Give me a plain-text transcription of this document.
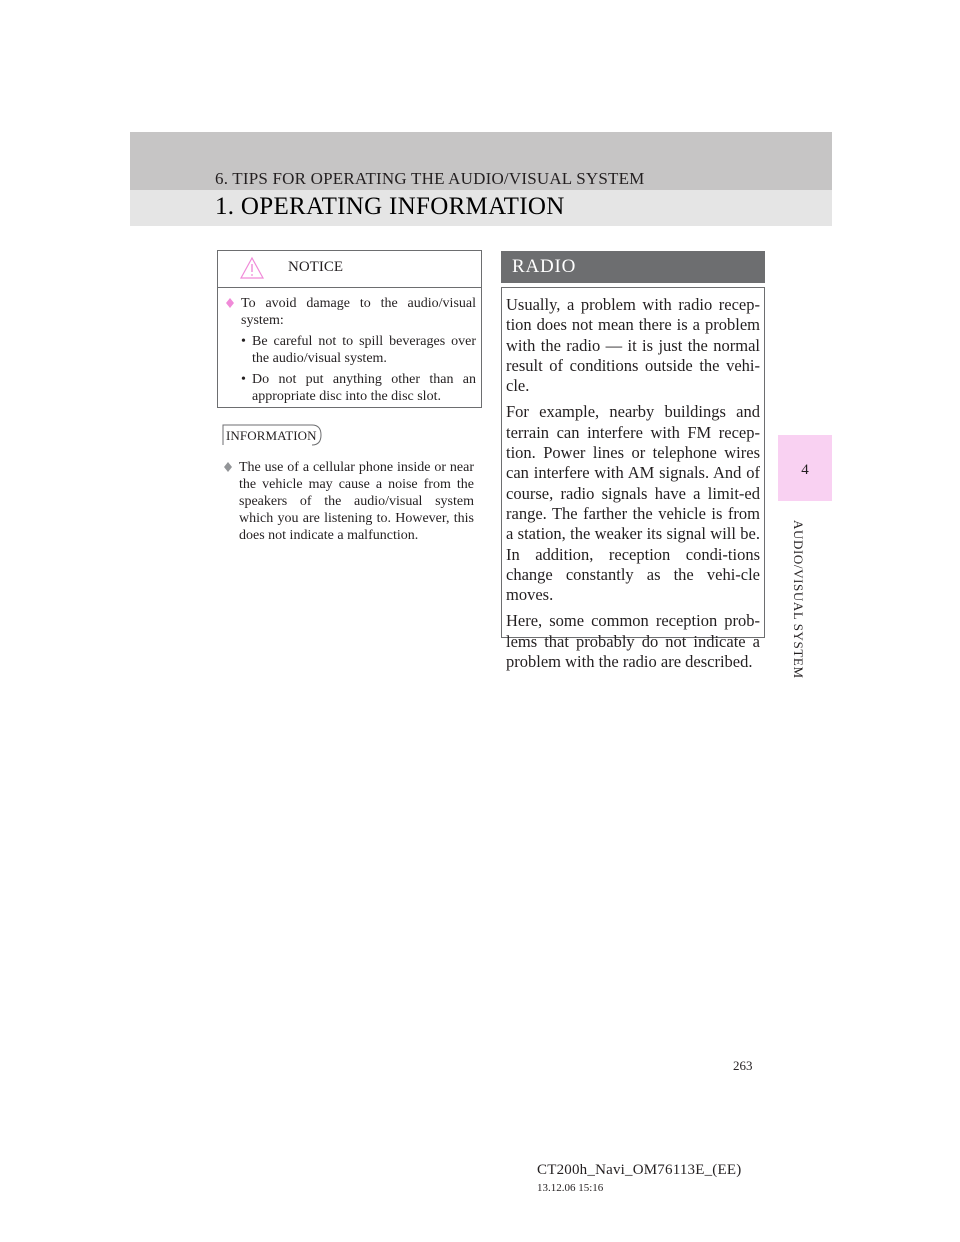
6. TIPS FOR OPERATING THE AUDIO/VISUAL SYSTEM
1. OPERATING INFORMATION
4
AUDIO/VISUAL SYSTEM
NOTICE
To avoid damage to the audio/visual system:
• Be careful not to spill beverages over the audio/visual system.
• Do not put anything other than an appropriate disc into the disc slot.
INFORMATION
The use of a cellular phone inside or near the vehicle may cause a noise from the speakers of the audio/visual system which you are listening to. However, this does not indicate a malfunction.
RADIO

Usually, a problem with radio recep-tion does not mean there is a problem with the radio — it is just the normal result of conditions outside the vehi-cle.

For example, nearby buildings and terrain can interfere with FM recep-tion. Power lines or telephone wires can interfere with AM signals. And of course, radio signals have a limit-ed range. The farther the vehicle is from a station, the weaker its signal will be. In addition, reception condi-tions change constantly as the vehi-cle moves.

Here, some common reception prob-lems that probably do not indicate a problem with the radio are described.

263
CT200h_Navi_OM76113E_(EE)
13.12.06 15:16
